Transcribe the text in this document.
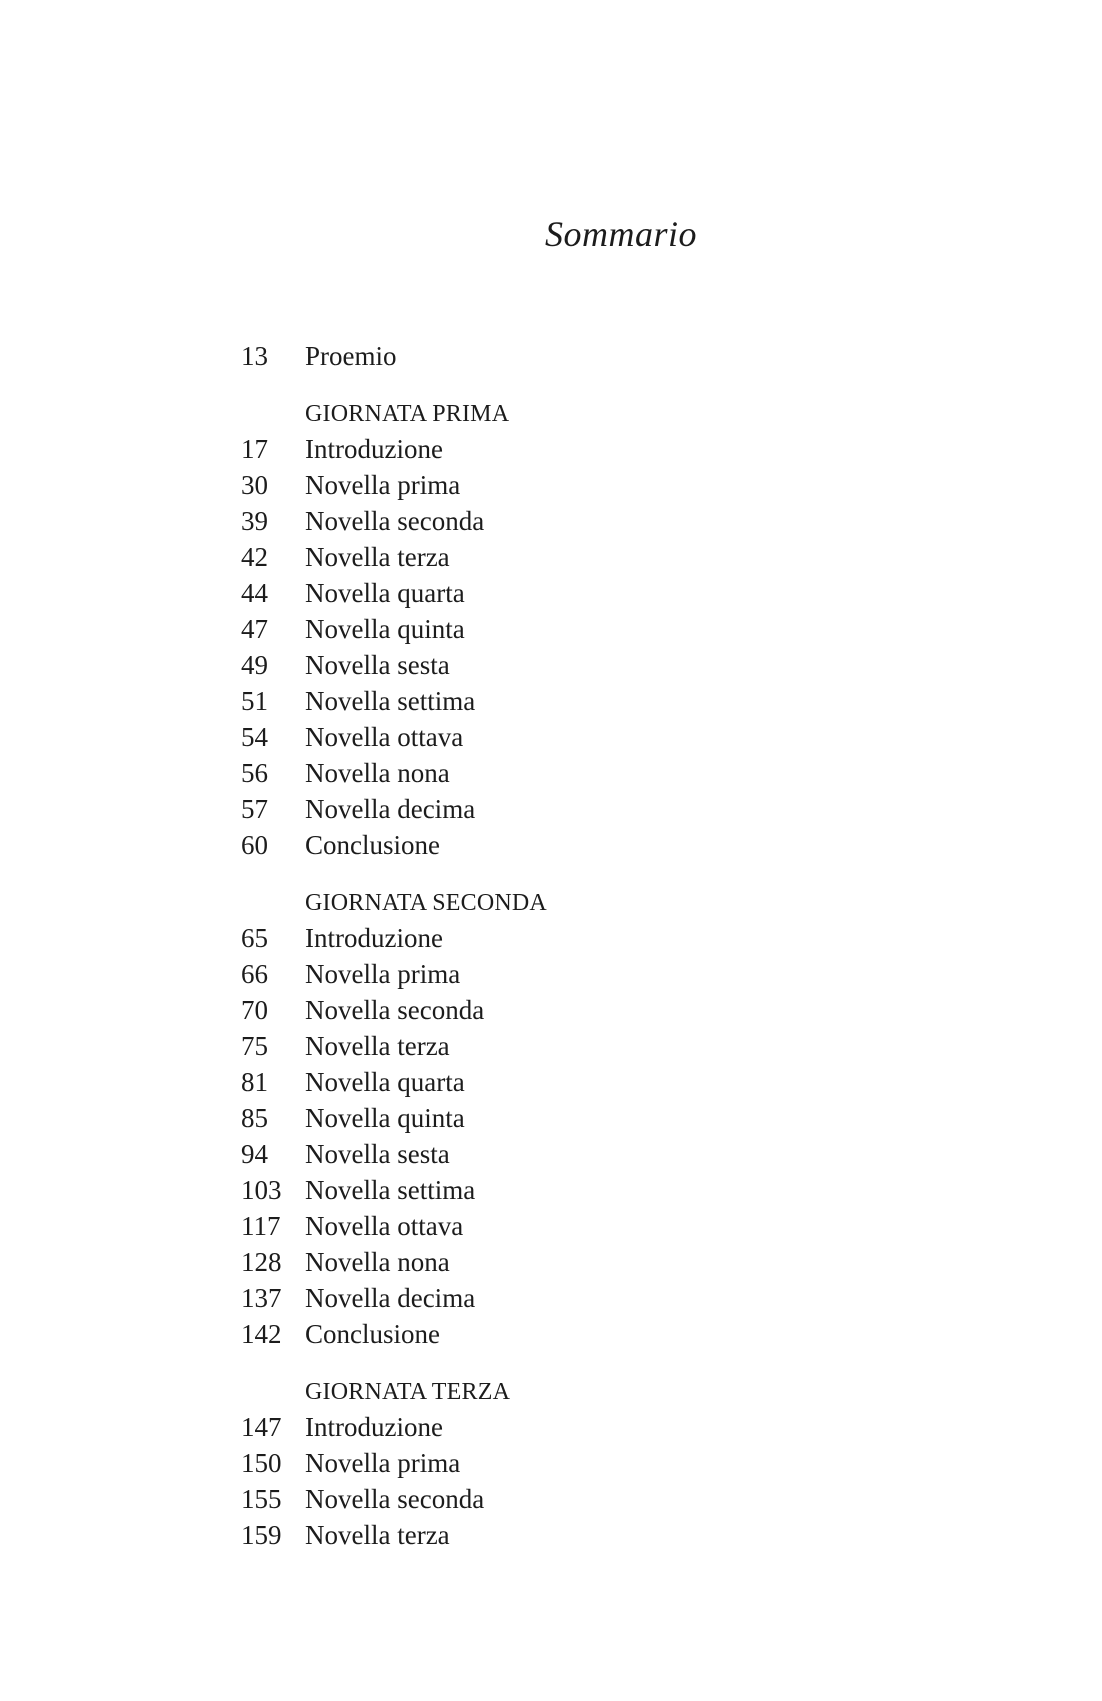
Sommario
13	Proemio
GIORNATA PRIMA
17	Introduzione
30	Novella prima
39	Novella seconda
42	Novella terza
44	Novella quarta
47	Novella quinta
49	Novella sesta
51	Novella settima
54	Novella ottava
56	Novella nona
57	Novella decima
60	Conclusione
GIORNATA SECONDA
65	Introduzione
66	Novella prima
70	Novella seconda
75	Novella terza
81	Novella quarta
85	Novella quinta
94	Novella sesta
103 Novella settima
117 Novella ottava
128 Novella nona
137 Novella decima
142 Conclusione
GIORNATA TERZA
147 Introduzione
150 Novella prima
155 Novella seconda
159 Novella terza
